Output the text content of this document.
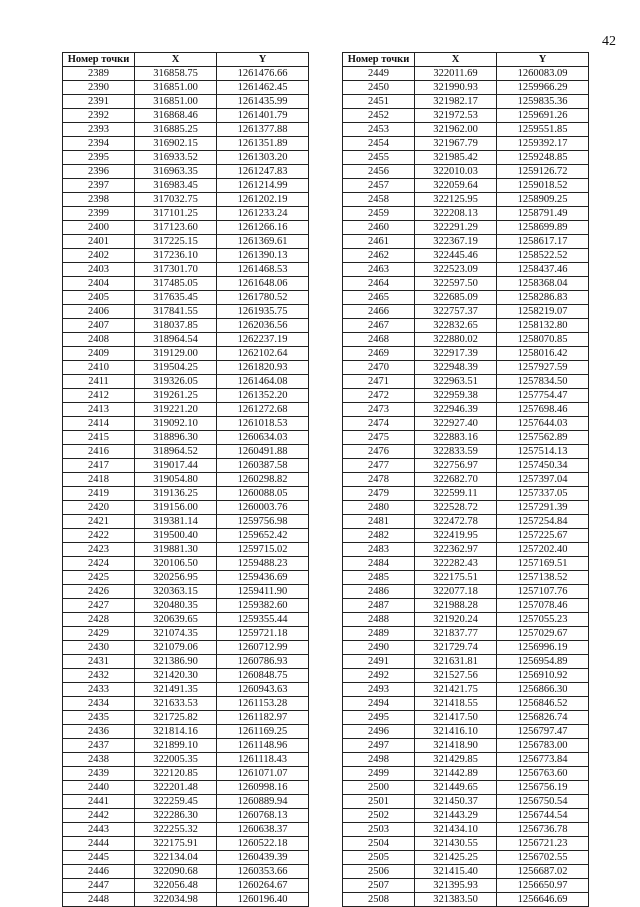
42
Номер точки	X	Y
2389	316858.75	1261476.66
2390	316851.00	1261462.45
2391	316851.00	1261435.99
2392	316868.46	1261401.79
2393	316885.25	1261377.88
2394	316902.15	1261351.89
2395	316933.52	1261303.20
2396	316963.35	1261247.83
2397	316983.45	1261214.99
2398	317032.75	1261202.19
2399	317101.25	1261233.24
2400	317123.60	1261266.16
2401	317225.15	1261369.61
2402	317236.10	1261390.13
2403	317301.70	1261468.53
2404	317485.05	1261648.06
2405	317635.45	1261780.52
2406	317841.55	1261935.75
2407	318037.85	1262036.56
2408	318964.54	1262237.19
2409	319129.00	1262102.64
2410	319504.25	1261820.93
2411	319326.05	1261464.08
2412	319261.25	1261352.20
2413	319221.20	1261272.68
2414	319092.10	1261018.53
2415	318896.30	1260634.03
2416	318964.52	1260491.88
2417	319017.44	1260387.58
2418	319054.80	1260298.82
2419	319136.25	1260088.05
2420	319156.00	1260003.76
2421	319381.14	1259756.98
2422	319500.40	1259652.42
2423	319881.30	1259715.02
2424	320106.50	1259488.23
2425	320256.95	1259436.69
2426	320363.15	1259411.90
2427	320480.35	1259382.60
2428	320639.65	1259355.44
2429	321074.35	1259721.18
2430	321079.06	1260712.99
2431	321386.90	1260786.93
2432	321420.30	1260848.75
2433	321491.35	1260943.63
2434	321633.53	1261153.28
2435	321725.82	1261182.97
2436	321814.16	1261169.25
2437	321899.10	1261148.96
2438	322005.35	1261118.43
2439	322120.85	1261071.07
2440	322201.48	1260998.16
2441	322259.45	1260889.94
2442	322286.30	1260768.13
2443	322255.32	1260638.37
2444	322175.91	1260522.18
2445	322134.04	1260439.39
2446	322090.68	1260353.66
2447	322056.48	1260264.67
2448	322034.98	1260196.40
Номер точки	X	Y
2449	322011.69	1260083.09
2450	321990.93	1259966.29
2451	321982.17	1259835.36
2452	321972.53	1259691.26
2453	321962.00	1259551.85
2454	321967.79	1259392.17
2455	321985.42	1259248.85
2456	322010.03	1259126.72
2457	322059.64	1259018.52
2458	322125.95	1258909.25
2459	322208.13	1258791.49
2460	322291.29	1258699.89
2461	322367.19	1258617.17
2462	322445.46	1258522.52
2463	322523.09	1258437.46
2464	322597.50	1258368.04
2465	322685.09	1258286.83
2466	322757.37	1258219.07
2467	322832.65	1258132.80
2468	322880.02	1258070.85
2469	322917.39	1258016.42
2470	322948.39	1257927.59
2471	322963.51	1257834.50
2472	322959.38	1257754.47
2473	322946.39	1257698.46
2474	322927.40	1257644.03
2475	322883.16	1257562.89
2476	322833.59	1257514.13
2477	322756.97	1257450.34
2478	322682.70	1257397.04
2479	322599.11	1257337.05
2480	322528.72	1257291.39
2481	322472.78	1257254.84
2482	322419.95	1257225.67
2483	322362.97	1257202.40
2484	322282.43	1257169.51
2485	322175.51	1257138.52
2486	322077.18	1257107.76
2487	321988.28	1257078.46
2488	321920.24	1257055.23
2489	321837.77	1257029.67
2490	321729.74	1256996.19
2491	321631.81	1256954.89
2492	321527.56	1256910.92
2493	321421.75	1256866.30
2494	321418.55	1256846.52
2495	321417.50	1256826.74
2496	321416.10	1256797.47
2497	321418.90	1256783.00
2498	321429.85	1256773.84
2499	321442.89	1256763.60
2500	321449.65	1256756.19
2501	321450.37	1256750.54
2502	321443.29	1256744.54
2503	321434.10	1256736.78
2504	321430.55	1256721.23
2505	321425.25	1256702.55
2506	321415.40	1256687.02
2507	321395.93	1256650.97
2508	321383.50	1256646.69
